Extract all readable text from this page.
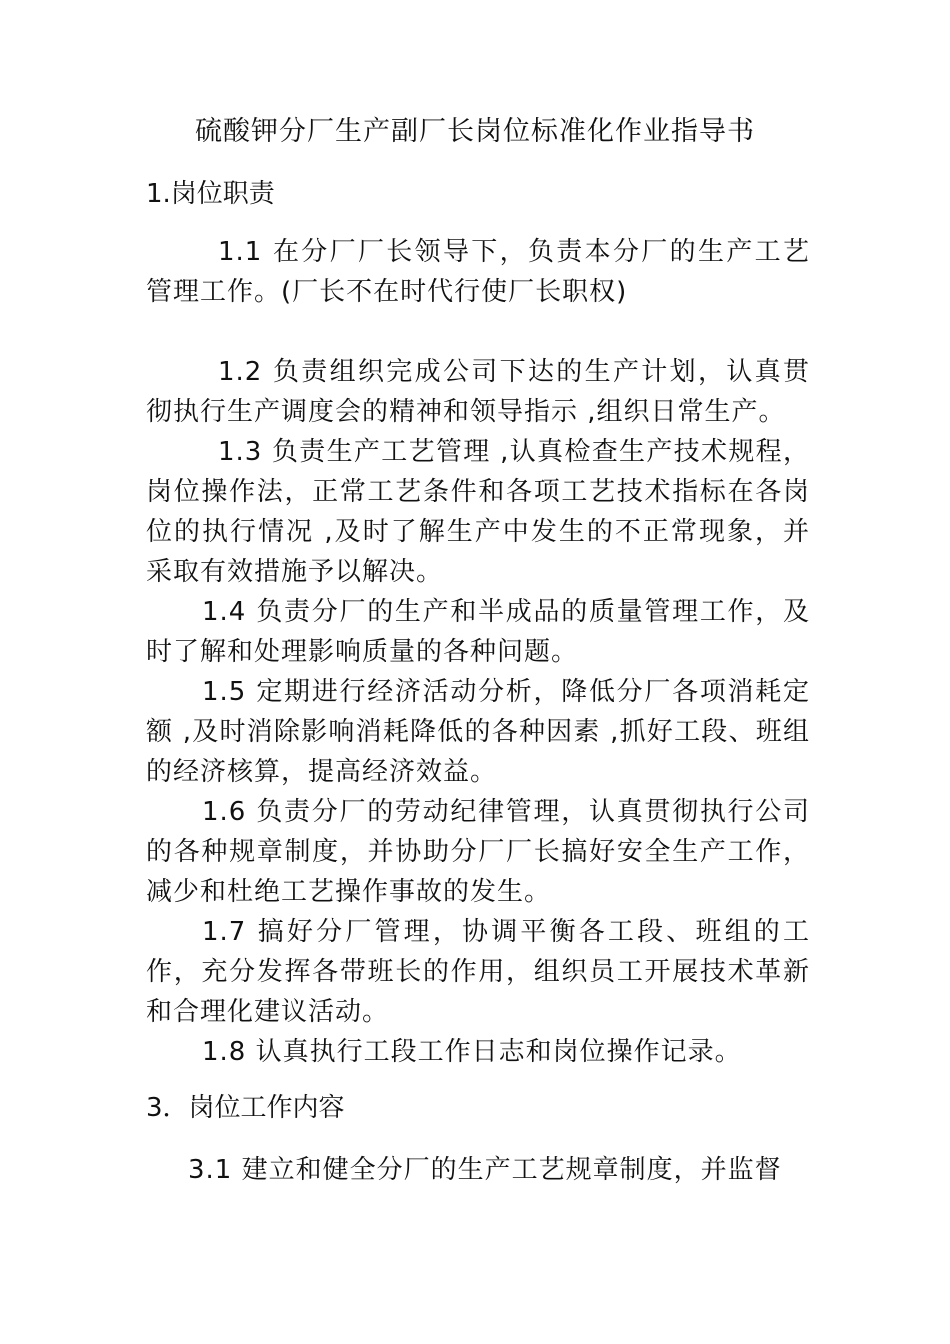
硫酸钾分厂生产副厂长岗位标准化作业指导书
1.岗位职责
1.1 在分厂厂长领导下，负责本分厂的生产工艺管理工作。(厂长不在时代行使厂长职权)
1.2 负责组织完成公司下达的生产计划，认真贯彻执行生产调度会的精神和领导指示 ,组织日常生产。
1.3 负责生产工艺管理 ,认真检查生产技术规程，岗位操作法，正常工艺条件和各项工艺技术指标在各岗位的执行情况 ,及时了解生产中发生的不正常现象，并采取有效措施予以解决。
1.4 负责分厂的生产和半成品的质量管理工作，及时了解和处理影响质量的各种问题。
1.5 定期进行经济活动分析，降低分厂各项消耗定额 ,及时消除影响消耗降低的各种因素 ,抓好工段、班组的经济核算，提高经济效益。
1.6 负责分厂的劳动纪律管理，认真贯彻执行公司的各种规章制度，并协助分厂厂长搞好安全生产工作，减少和杜绝工艺操作事故的发生。
1.7 搞好分厂管理，协调平衡各工段、班组的工作，充分发挥各带班长的作用，组织员工开展技术革新和合理化建议活动。
1.8 认真执行工段工作日志和岗位操作记录。
3．岗位工作内容
3.1 建立和健全分厂的生产工艺规章制度，并监督
